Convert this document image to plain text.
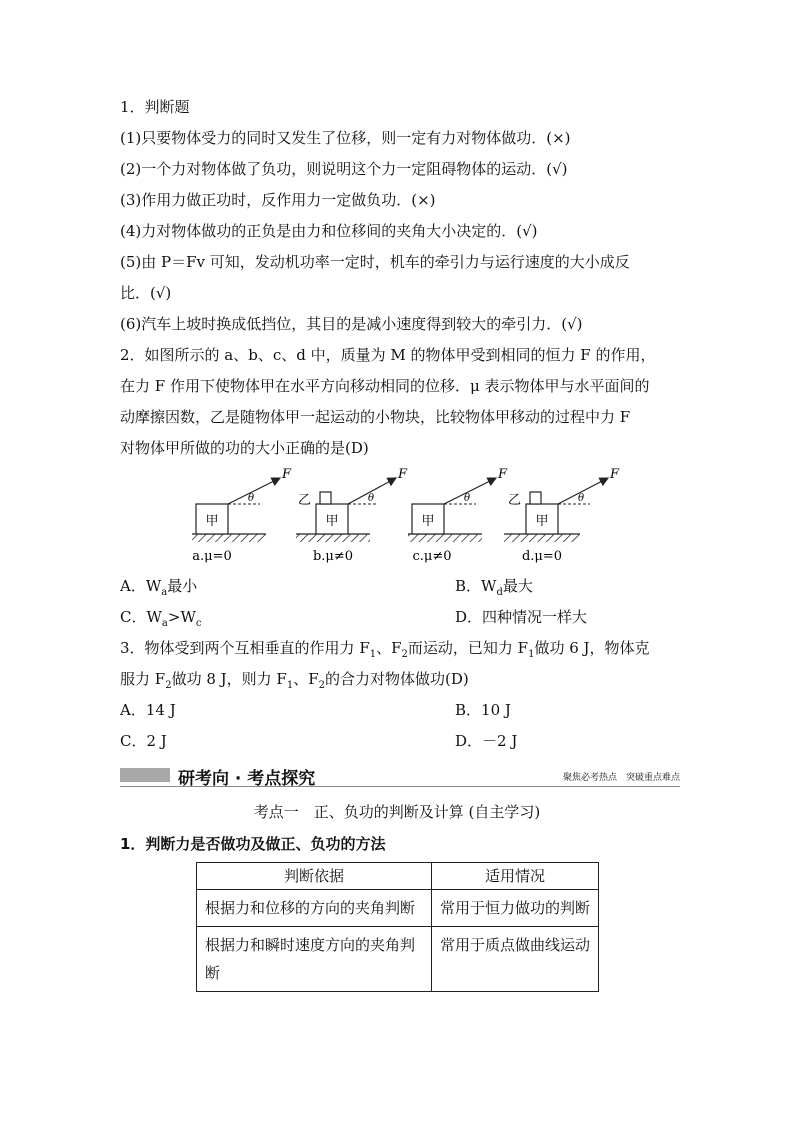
1．判断题
(1)只要物体受力的同时又发生了位移，则一定有力对物体做功．(×)
(2)一个力对物体做了负功，则说明这个力一定阻碍物体的运动．(√)
(3)作用力做正功时，反作用力一定做负功．(×)
(4)力对物体做功的正负是由力和位移间的夹角大小决定的．(√)
(5)由 P＝Fv 可知，发动机功率一定时，机车的牵引力与运行速度的大小成反
比．(√)
(6)汽车上坡时换成低挡位，其目的是减小速度得到较大的牵引力．(√)
2．如图所示的 a、b、c、d 中，质量为 M 的物体甲受到相同的恒力 F 的作用，
在力 F 作用下使物体甲在水平方向移动相同的位移．μ 表示物体甲与水平面间的
动摩擦因数，乙是随物体甲一起运动的小物块，比较物体甲移动的过程中力 F
对物体甲所做的功的大小正确的是(D)
甲
F
θ
a.μ=0
甲
乙
F
θ
b.μ≠0
甲
F
θ
c.μ≠0
甲
乙
F
θ
d.μ=0
A．$W_a$最小	B．$W_d$最大
C．$W_a>W_c$	D．四种情况一样大
3．物体受到两个互相垂直的作用力 $F_1$、$F_2$而运动，已知力 $F_1$做功 6 J，物体克
服力 $F_2$做功 8 J，则力 $F_1$、$F_2$的合力对物体做功(D)
A．14 J	B．10 J
C．2 J	D．－2 J
研考向 · 考点探究	聚焦必考热点　突破重点难点
考点一　正、负功的判断及计算 (自主学习)
1．判断力是否做功及做正、负功的方法
判断依据	适用情况
根据力和位移的方向的夹角判断	常用于恒力做功的判断
根据力和瞬时速度方向的夹角判断	常用于质点做曲线运动
